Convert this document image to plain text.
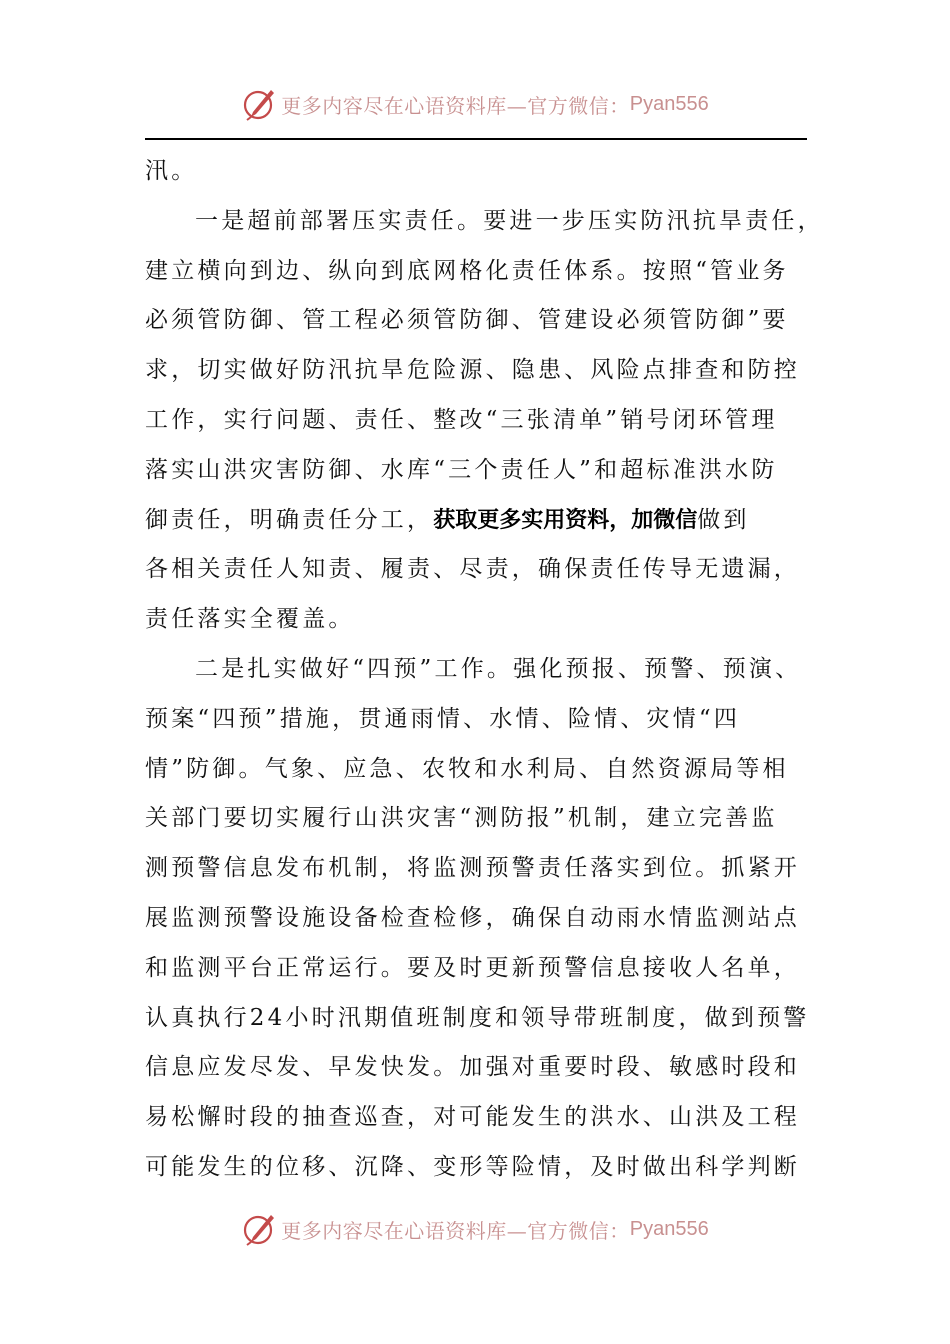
更多内容尽在心语资料库—官方微信： Pyan556
汛。
一是超前部署压实责任。要进一步压实防汛抗旱责任，
建立横向到边、纵向到底网格化责任体系。按照“管业务
必须管防御、管工程必须管防御、管建设必须管防御”要
求，切实做好防汛抗旱危险源、隐患、风险点排查和防控
工作，实行问题、责任、整改“三张清单”销号闭环管理
落实山洪灾害防御、水库“三个责任人”和超标准洪水防
御责任，明确责任分工，获取更多实用资料，加微信做到
各相关责任人知责、履责、尽责，确保责任传导无遗漏，
责任落实全覆盖。
二是扎实做好“四预”工作。强化预报、预警、预演、
预案“四预”措施，贯通雨情、水情、险情、灾情“四
情”防御。气象、应急、农牧和水利局、自然资源局等相
关部门要切实履行山洪灾害“测防报”机制，建立完善监
测预警信息发布机制，将监测预警责任落实到位。抓紧开
展监测预警设施设备检查检修，确保自动雨水情监测站点
和监测平台正常运行。要及时更新预警信息接收人名单，
认真执行24小时汛期值班制度和领导带班制度，做到预警
信息应发尽发、早发快发。加强对重要时段、敏感时段和
易松懈时段的抽查巡查，对可能发生的洪水、山洪及工程
可能发生的位移、沉降、变形等险情，及时做出科学判断
更多内容尽在心语资料库—官方微信： Pyan556
